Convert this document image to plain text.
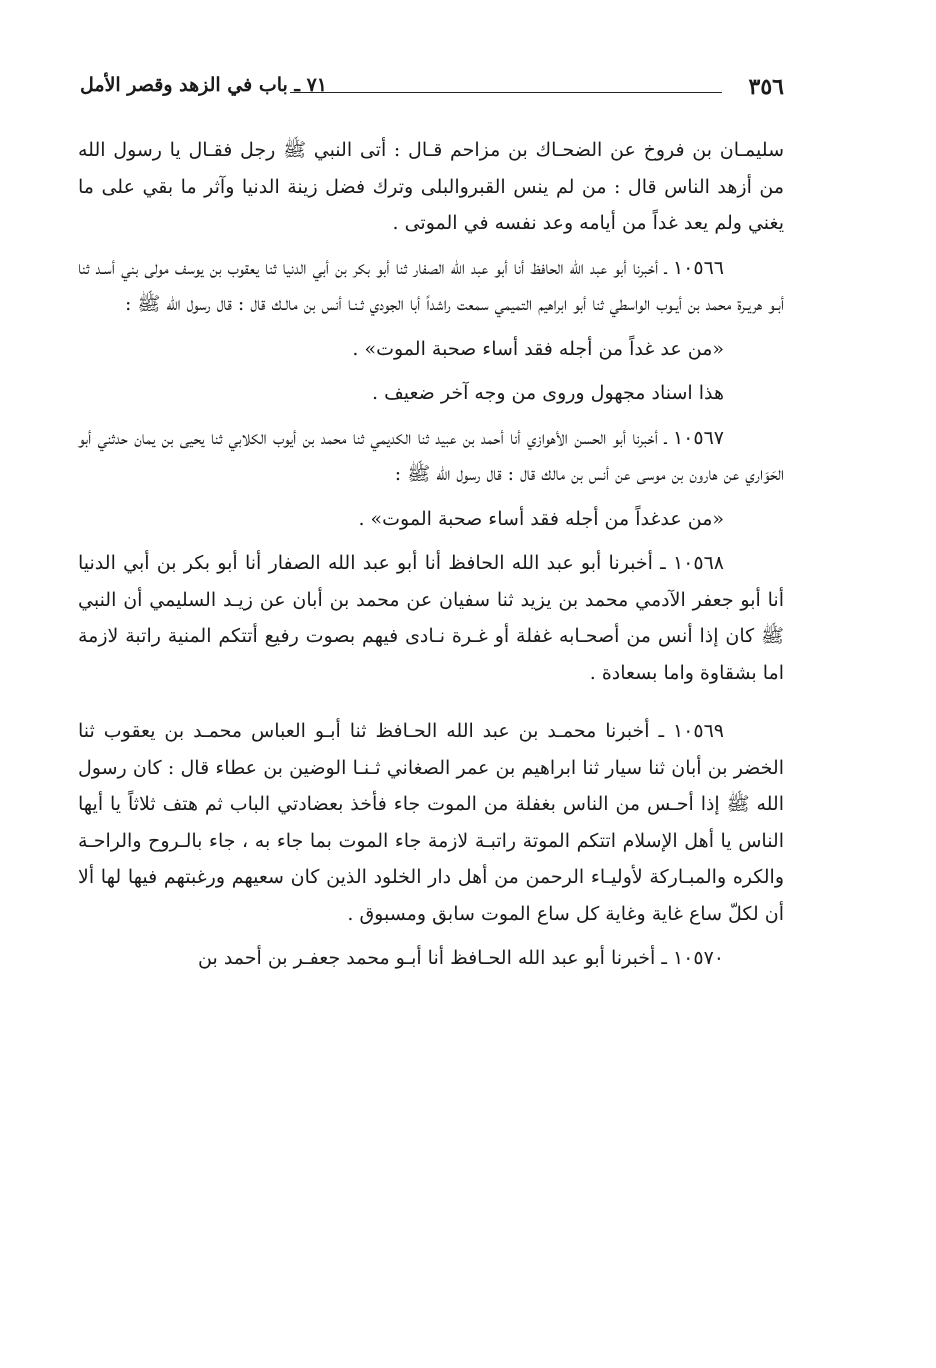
٣٥٦
٧١ ـ باب في الزهد وقصر الأمل

سليمـان بن فروخ عن الضحـاك بن مزاحم قـال : أتى النبي ﷺ رجل فقـال يا رسول الله من أزهد الناس قال : من لم ينس القبروالبلى وترك فضل زينة الدنيا وآثر ما بقي على ما يغني ولم يعد غداً من أيامه وعد نفسه في الموتى .

١٠٥٦٦ ـ أخبرنا أبو عبد الله الحافظ أنا أبو عبد الله الصفار ثنا أبو بكر بن أبي الدنيا ثنا يعقوب بن يوسف مولى بني أسـد ثنا أبـو هريـرة محمد بن أيـوب الواسطي ثنا أبو ابراهيم التميمي سمعت راشداً أبا الجودي ثـنـا أنس بن مالـك قال : قال رسول الله ﷺ :

«من عد غداً من أجله فقد أساء صحبة الموت» .

هذا اسناد مجهول وروى من وجه آخر ضعيف .

١٠٥٦٧ ـ أخبرنا أبو الحسن الأهوازي أنا أحمد بن عبيد ثنا الكديمي ثنا محمد بن أيوب الكلابي ثنا يحيى بن يمان حدثني أبو الحَوَاري عن هارون بن موسى عن أنس بن مالك قال : قال رسول الله ﷺ :

«من عدغداً من أجله فقد أساء صحبة الموت» .

١٠٥٦٨ ـ أخبرنا أبو عبد الله الحافظ أنا أبو عبد الله الصفار أنا أبو بكر بن أبي الدنيا أنا أبو جعفر الآدمي محمد بن يزيد ثنا سفيان عن محمد بن أبان عن زيـد السليمي أن النبي ﷺ كان إذا أنس من أصحـابه غفلة أو غـرة نـادى فيهم بصوت رفيع أتتكم المنية راتبة لازمة اما بشقاوة واما بسعادة .

١٠٥٦٩ ـ أخبرنا محمـد بن عبد الله الحـافظ ثنا أبـو العباس محمـد بن يعقوب ثنا الخضر بن أبان ثنا سيار ثنا ابراهيم بن عمر الصغاني ثـنـا الوضين بن عطاء قال : كان رسول الله ﷺ إذا أحـس من الناس بغفلة من الموت جاء فأخذ بعضادتي الباب ثم هتف ثلاثاً يا أيها الناس يا أهل الإسلام اتتكم الموتة راتبـة لازمة جاء الموت بما جاء به ، جاء بالـروح والراحـة والكره والمبـاركة لأوليـاء الرحمن من أهل دار الخلود الذين كان سعيهم ورغبتهم فيها لها ألا أن لكلّ ساع غاية وغاية كل ساع الموت سابق ومسبوق .

١٠٥٧٠ ـ أخبرنا أبو عبد الله الحـافظ أنا أبـو محمد جعفـر بن أحمد بن
